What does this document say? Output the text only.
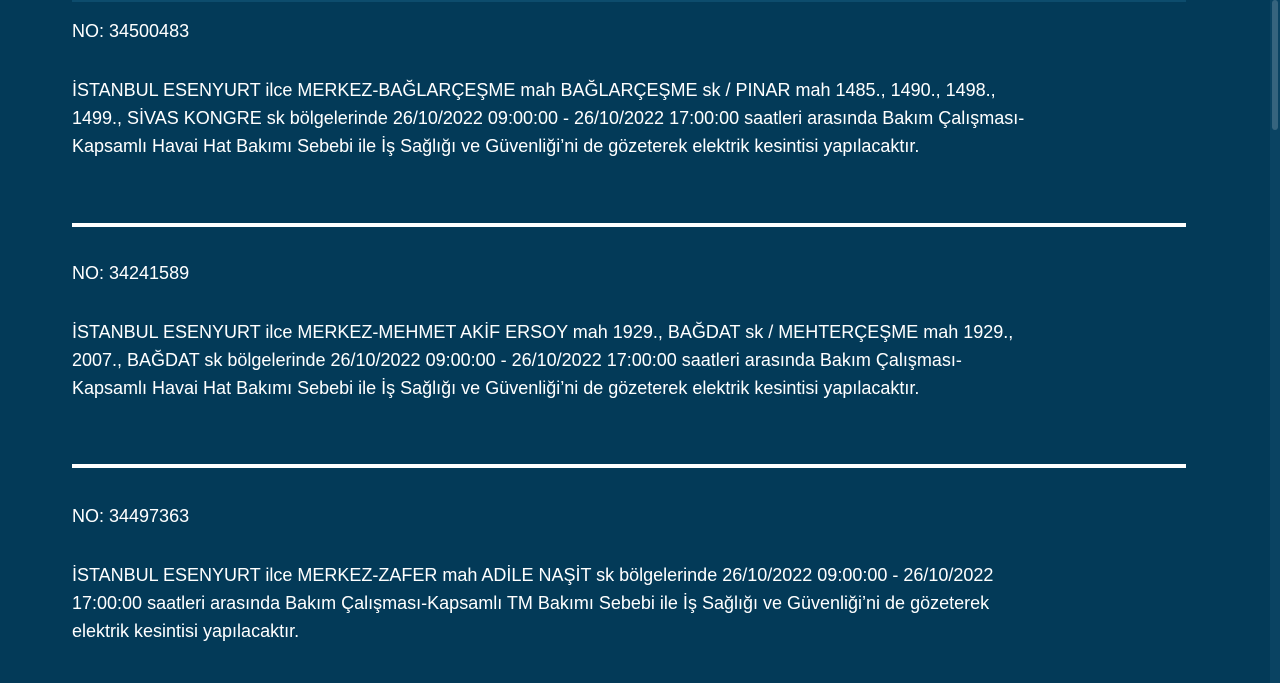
NO: 34500483
İSTANBUL ESENYURT ilce MERKEZ-BAĞLARÇEŞME mah BAĞLARÇEŞME sk / PINAR mah 1485., 1490., 1498.,
1499., SİVAS KONGRE sk bölgelerinde 26/10/2022 09:00:00 - 26/10/2022 17:00:00 saatleri arasında Bakım Çalışması-
Kapsamlı Havai Hat Bakımı Sebebi ile İş Sağlığı ve Güvenliği’ni de gözeterek elektrik kesintisi yapılacaktır.
NO: 34241589
İSTANBUL ESENYURT ilce MERKEZ-MEHMET AKİF ERSOY mah 1929., BAĞDAT sk / MEHTERÇEŞME mah 1929.,
2007., BAĞDAT sk bölgelerinde 26/10/2022 09:00:00 - 26/10/2022 17:00:00 saatleri arasında Bakım Çalışması-
Kapsamlı Havai Hat Bakımı Sebebi ile İş Sağlığı ve Güvenliği’ni de gözeterek elektrik kesintisi yapılacaktır.
NO: 34497363
İSTANBUL ESENYURT ilce MERKEZ-ZAFER mah ADİLE NAŞİT sk bölgelerinde 26/10/2022 09:00:00 - 26/10/2022
17:00:00 saatleri arasında Bakım Çalışması-Kapsamlı TM Bakımı Sebebi ile İş Sağlığı ve Güvenliği’ni de gözeterek
elektrik kesintisi yapılacaktır.
